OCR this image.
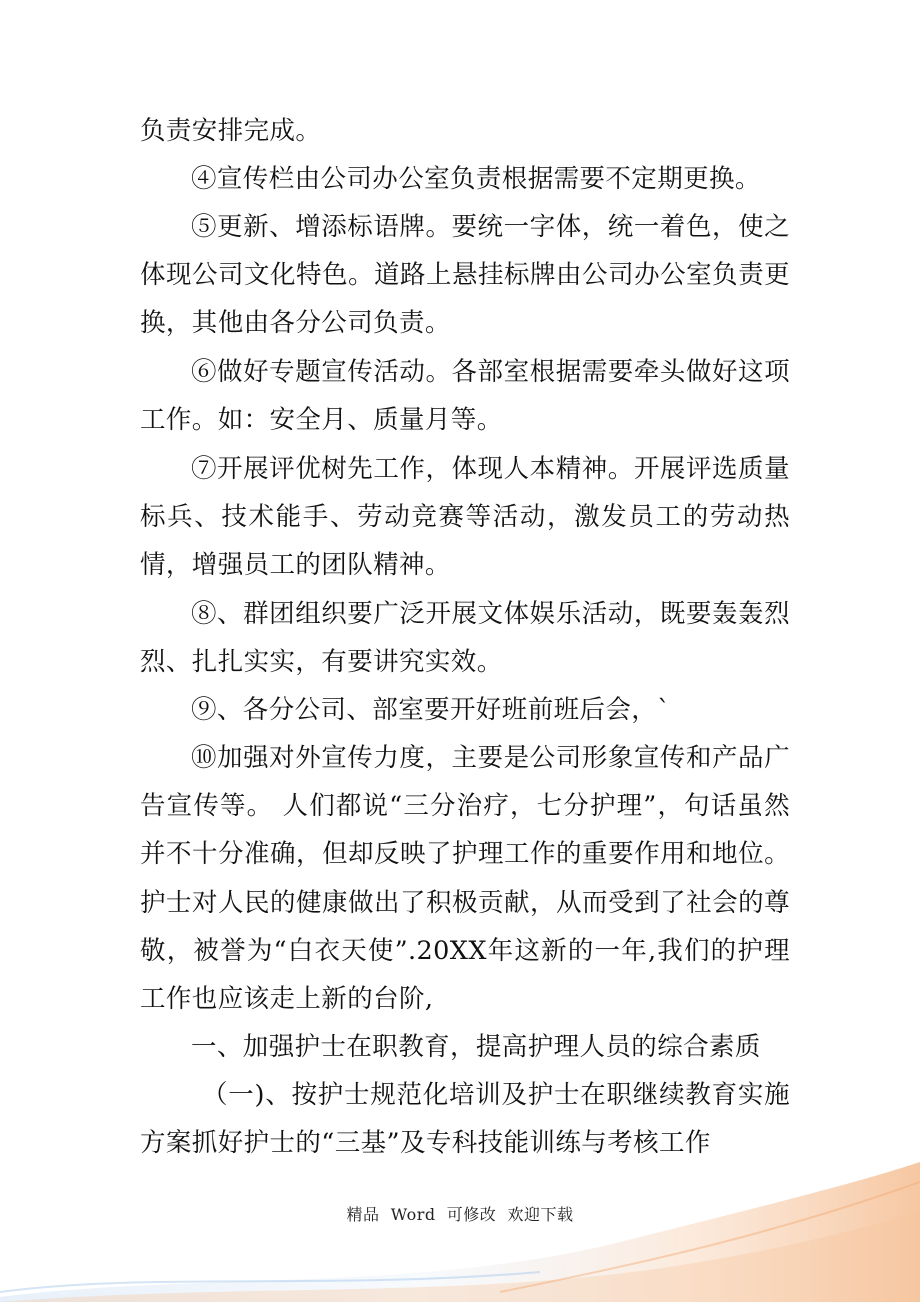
负责安排完成。

④宣传栏由公司办公室负责根据需要不定期更换。

⑤更新、增添标语牌。要统一字体，统一着色，使之体现公司文化特色。道路上悬挂标牌由公司办公室负责更换，其他由各分公司负责。

⑥做好专题宣传活动。各部室根据需要牵头做好这项工作。如：安全月、质量月等。

⑦开展评优树先工作，体现人本精神。开展评选质量标兵、技术能手、劳动竞赛等活动，激发员工的劳动热情，增强员工的团队精神。

⑧、群团组织要广泛开展文体娱乐活动，既要轰轰烈烈、扎扎实实，有要讲究实效。

⑨、各分公司、部室要开好班前班后会，`

⑩加强对外宣传力度，主要是公司形象宣传和产品广告宣传等。 人们都说“三分治疗，七分护理”，句话虽然并不十分准确，但却反映了护理工作的重要作用和地位。护士对人民的健康做出了积极贡献，从而受到了社会的尊敬，被誉为“白衣天使”.20XX年这新的一年,我们的护理工作也应该走上新的台阶,

一、加强护士在职教育，提高护理人员的综合素质

（一)、按护士规范化培训及护士在职继续教育实施方案抓好护士的“三基”及专科技能训练与考核工作

精品  Word  可修改  欢迎下载
